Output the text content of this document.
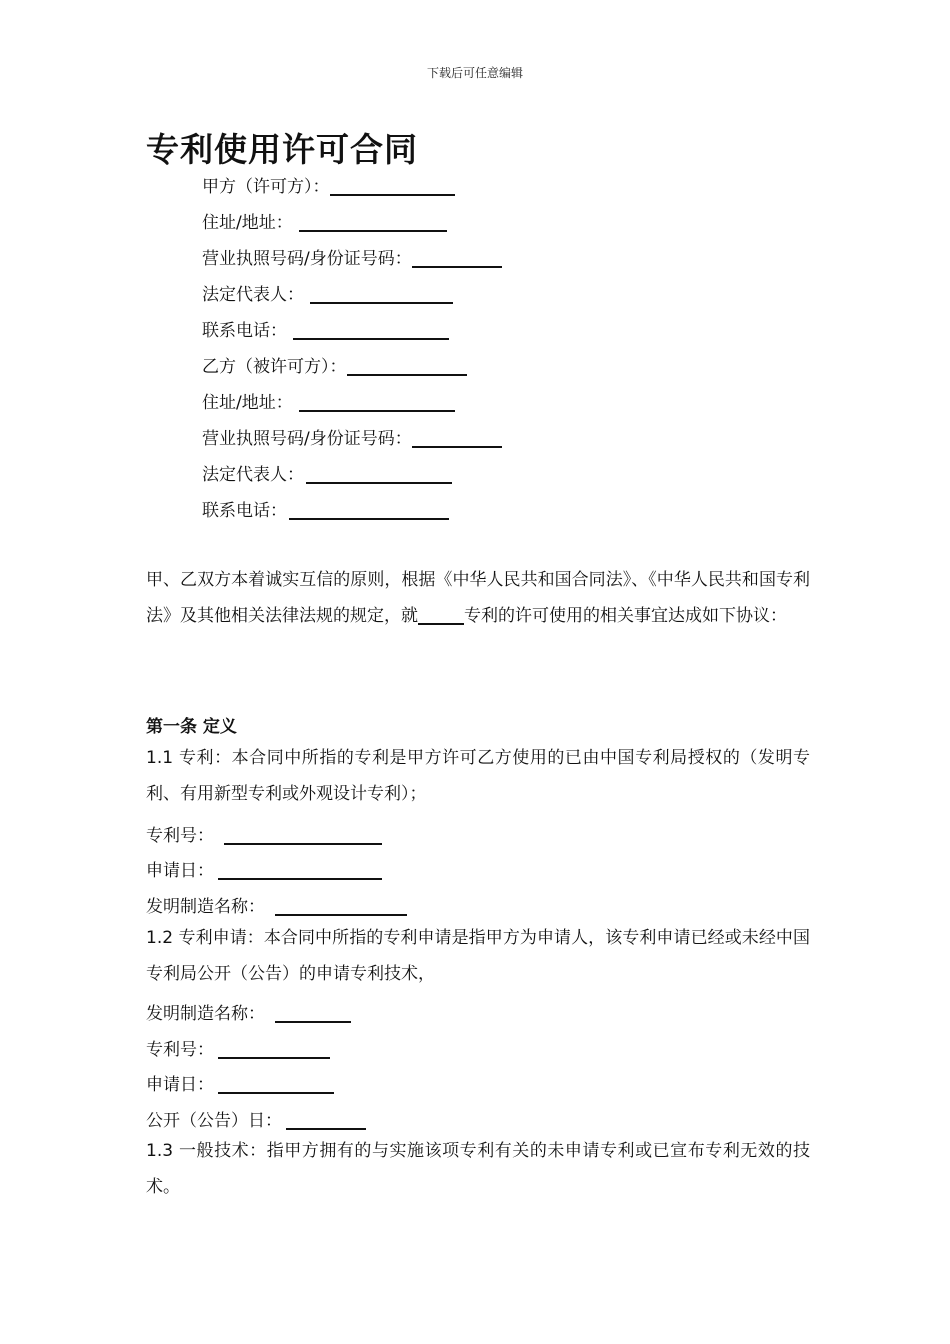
下载后可任意编辑
专利使用许可合同
甲方（许可方）：
住址/地址：
营业执照号码/身份证号码：
法定代表人：
联系电话：
乙方（被许可方）：
住址/地址：
营业执照号码/身份证号码：
法定代表人：
联系电话：
甲、乙双方本着诚实互信的原则，根据《中华人民共和国合同法》、《中华人民共和国专利法》及其他相关法律法规的规定，就	专利的许可使用的相关事宜达成如下协议：
第一条 定义
1.1 专利：本合同中所指的专利是甲方许可乙方使用的已由中国专利局授权的（发明专利、有用新型专利或外观设计专利）；
专利号：
申请日：
发明制造名称：
1.2 专利申请：本合同中所指的专利申请是指甲方为申请人，该专利申请已经或未经中国专利局公开（公告）的申请专利技术，
发明制造名称：
专利号：
申请日：
公开（公告）日：
1.3 一般技术：指甲方拥有的与实施该项专利有关的未申请专利或已宣布专利无效的技术。
